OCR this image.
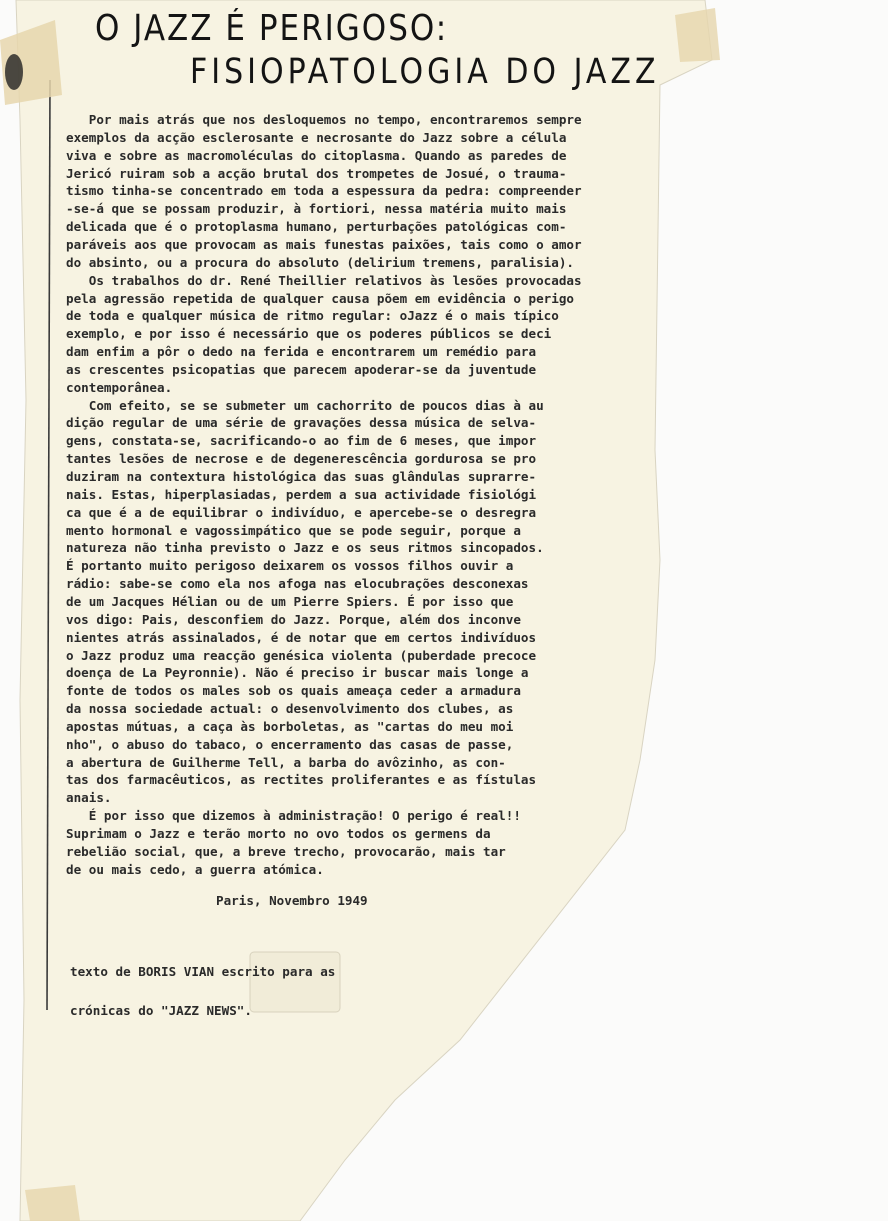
O JAZZ É PERIGOSO:
FISIOPATOLOGIA DO JAZZ
Por mais atrás que nos desloquemos no tempo, encontraremos sempre
exemplos da acção esclerosante e necrosante do Jazz sobre a célula
viva e sobre as macromoléculas do citoplasma. Quando as paredes de
Jericó ruiram sob a acção brutal dos trompetes de Josué, o trauma-
tismo tinha-se concentrado em toda a espessura da pedra: compreender
-se-á que se possam produzir, à fortiori, nessa matéria muito mais
delicada que é o protoplasma humano, perturbações patológicas com-
paráveis aos que provocam as mais funestas paixões, tais como o amor
do absinto, ou a procura do absoluto (delirium tremens, paralisia).
Os trabalhos do dr. René Theillier relativos às lesões provocadas
pela agressão repetida de qualquer causa põem em evidência o perigo
de toda e qualquer música de ritmo regular: oJazz é o mais típico
exemplo, e por isso é necessário que os poderes públicos se deci
dam enfim a pôr o dedo na ferida e encontrarem um remédio para
as crescentes psicopatias que parecem apoderar-se da juventude
contemporânea.
Com efeito, se se submeter um cachorrito de poucos dias à au
dição regular de uma série de gravações dessa música de selva-
gens, constata-se, sacrificando-o ao fim de 6 meses, que impor
tantes lesões de necrose e de degenerescência gordurosa se pro
duziram na contextura histológica das suas glândulas suprarre-
nais. Estas, hiperplasiadas, perdem a sua actividade fisiológi
ca que é a de equilibrar o indivíduo, e apercebe-se o desregra
mento hormonal e vagossimpático que se pode seguir, porque a
natureza não tinha previsto o Jazz e os seus ritmos sincopados.
É portanto muito perigoso deixarem os vossos filhos ouvir a
rádio: sabe-se como ela nos afoga nas elocubrações desconexas
de um Jacques Hélian ou de um Pierre Spiers. É por isso que
vos digo: Pais, desconfiem do Jazz. Porque, além dos inconve
nientes atrás assinalados, é de notar que em certos indivíduos
o Jazz produz uma reacção genésica violenta (puberdade precoce
doença de La Peyronnie). Não é preciso ir buscar mais longe a
fonte de todos os males sob os quais ameaça ceder a armadura
da nossa sociedade actual: o desenvolvimento dos clubes, as
apostas mútuas, a caça às borboletas, as "cartas do meu moi
nho", o abuso do tabaco, o encerramento das casas de passe,
a abertura de Guilherme Tell, a barba do avôzinho, as con-
tas dos farmacêuticos, as rectites proliferantes e as fístulas
anais.
É por isso que dizemos à administração! O perigo é real!!
Suprimam o Jazz e terão morto no ovo todos os germens da
rebelião social, que, a breve trecho, provocarão, mais tar
de ou mais cedo, a guerra atómica.
Paris, Novembro 1949
texto de BORIS VIAN escrito para as
crónicas do "JAZZ NEWS".
